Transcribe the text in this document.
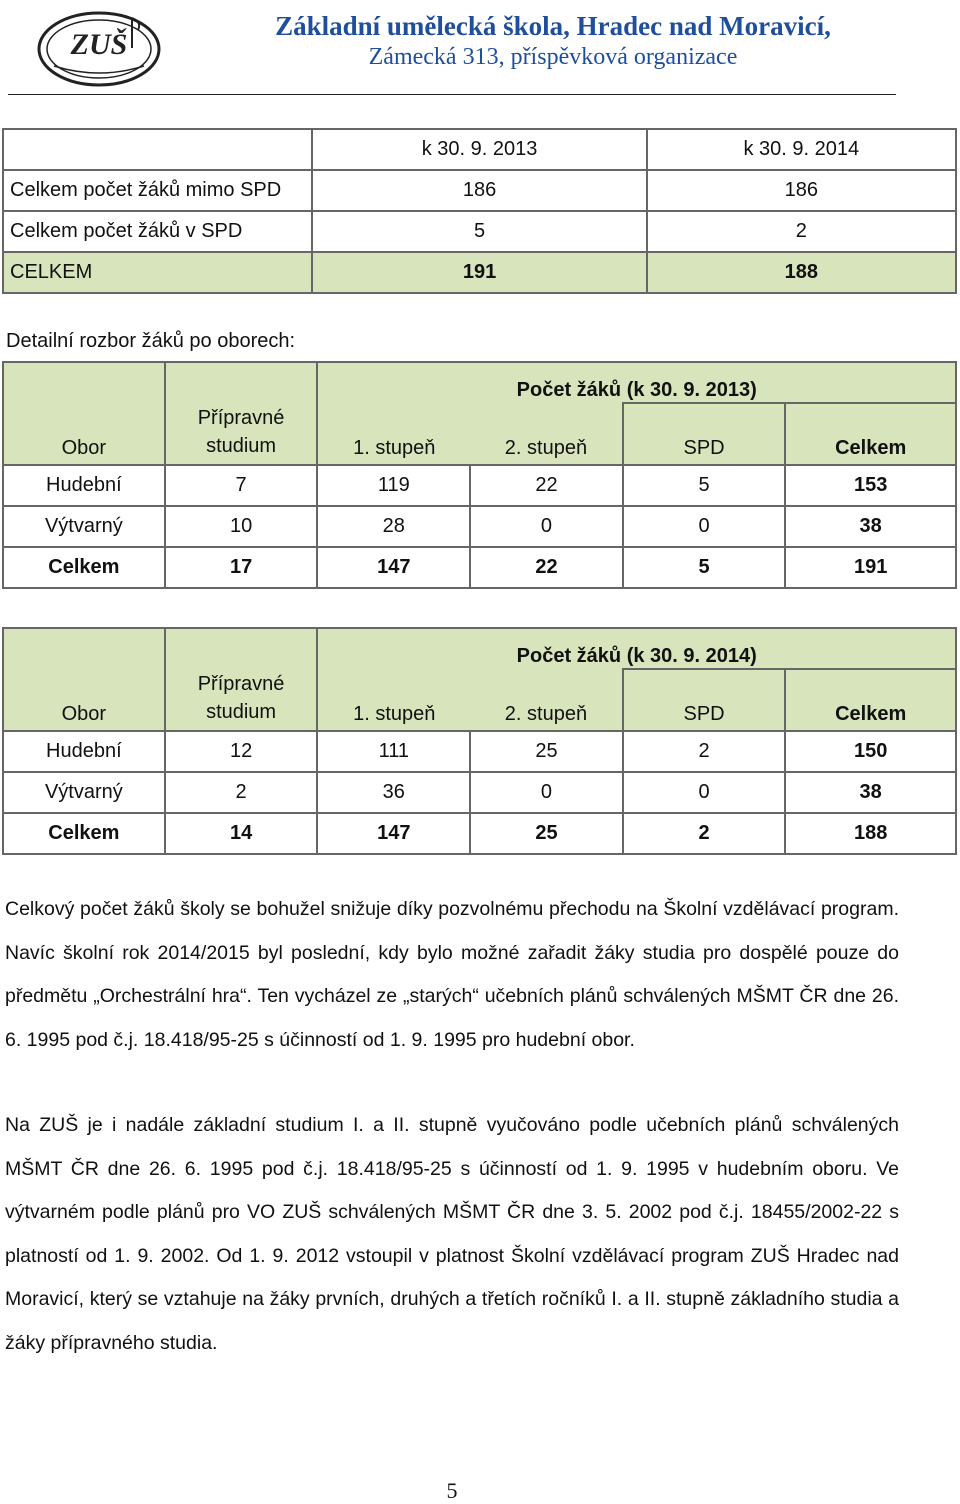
ZUŠ
Základní umělecká škola, Hradec nad Moravicí,
Zámecká 313, příspěvková organizace
	k 30. 9. 2013	k 30. 9. 2014
Celkem počet žáků mimo SPD	186	186
Celkem počet žáků v SPD	5	2
CELKEM	191	188
Detailní rozbor žáků po oborech:
Obor	Přípravné studium	Počet žáků (k 30. 9. 2013)			
		1. stupeň	2. stupeň	SPD	Celkem
Hudební	7	119	22	5	153
Výtvarný	10	28	0	0	38
Celkem	17	147	22	5	191
Obor	Přípravné studium	Počet žáků (k 30. 9. 2014)			
		1. stupeň	2. stupeň	SPD	Celkem
Hudební	12	111	25	2	150
Výtvarný	2	36	0	0	38
Celkem	14	147	25	2	188
Celkový počet žáků školy se bohužel snižuje díky pozvolnému přechodu na Školní vzdělávací program. Navíc školní rok 2014/2015 byl poslední, kdy bylo možné zařadit žáky studia pro dospělé pouze do předmětu „Orchestrální hra“. Ten vycházel ze „starých“ učebních plánů schválených MŠMT ČR dne 26. 6. 1995 pod č.j. 18.418/95-25 s účinností od 1. 9. 1995 pro hudební obor.
Na ZUŠ je i nadále základní studium I. a II. stupně vyučováno podle učebních plánů schválených MŠMT ČR dne 26. 6. 1995 pod č.j. 18.418/95-25 s účinností od 1. 9. 1995 v hudebním oboru. Ve výtvarném podle plánů pro VO ZUŠ schválených MŠMT ČR dne 3. 5. 2002 pod č.j. 18455/2002-22 s platností od 1. 9. 2002. Od 1. 9. 2012 vstoupil v platnost Školní vzdělávací program ZUŠ Hradec nad Moravicí, který se vztahuje na žáky prvních, druhých a třetích ročníků I. a II. stupně základního studia a žáky přípravného studia.
5
